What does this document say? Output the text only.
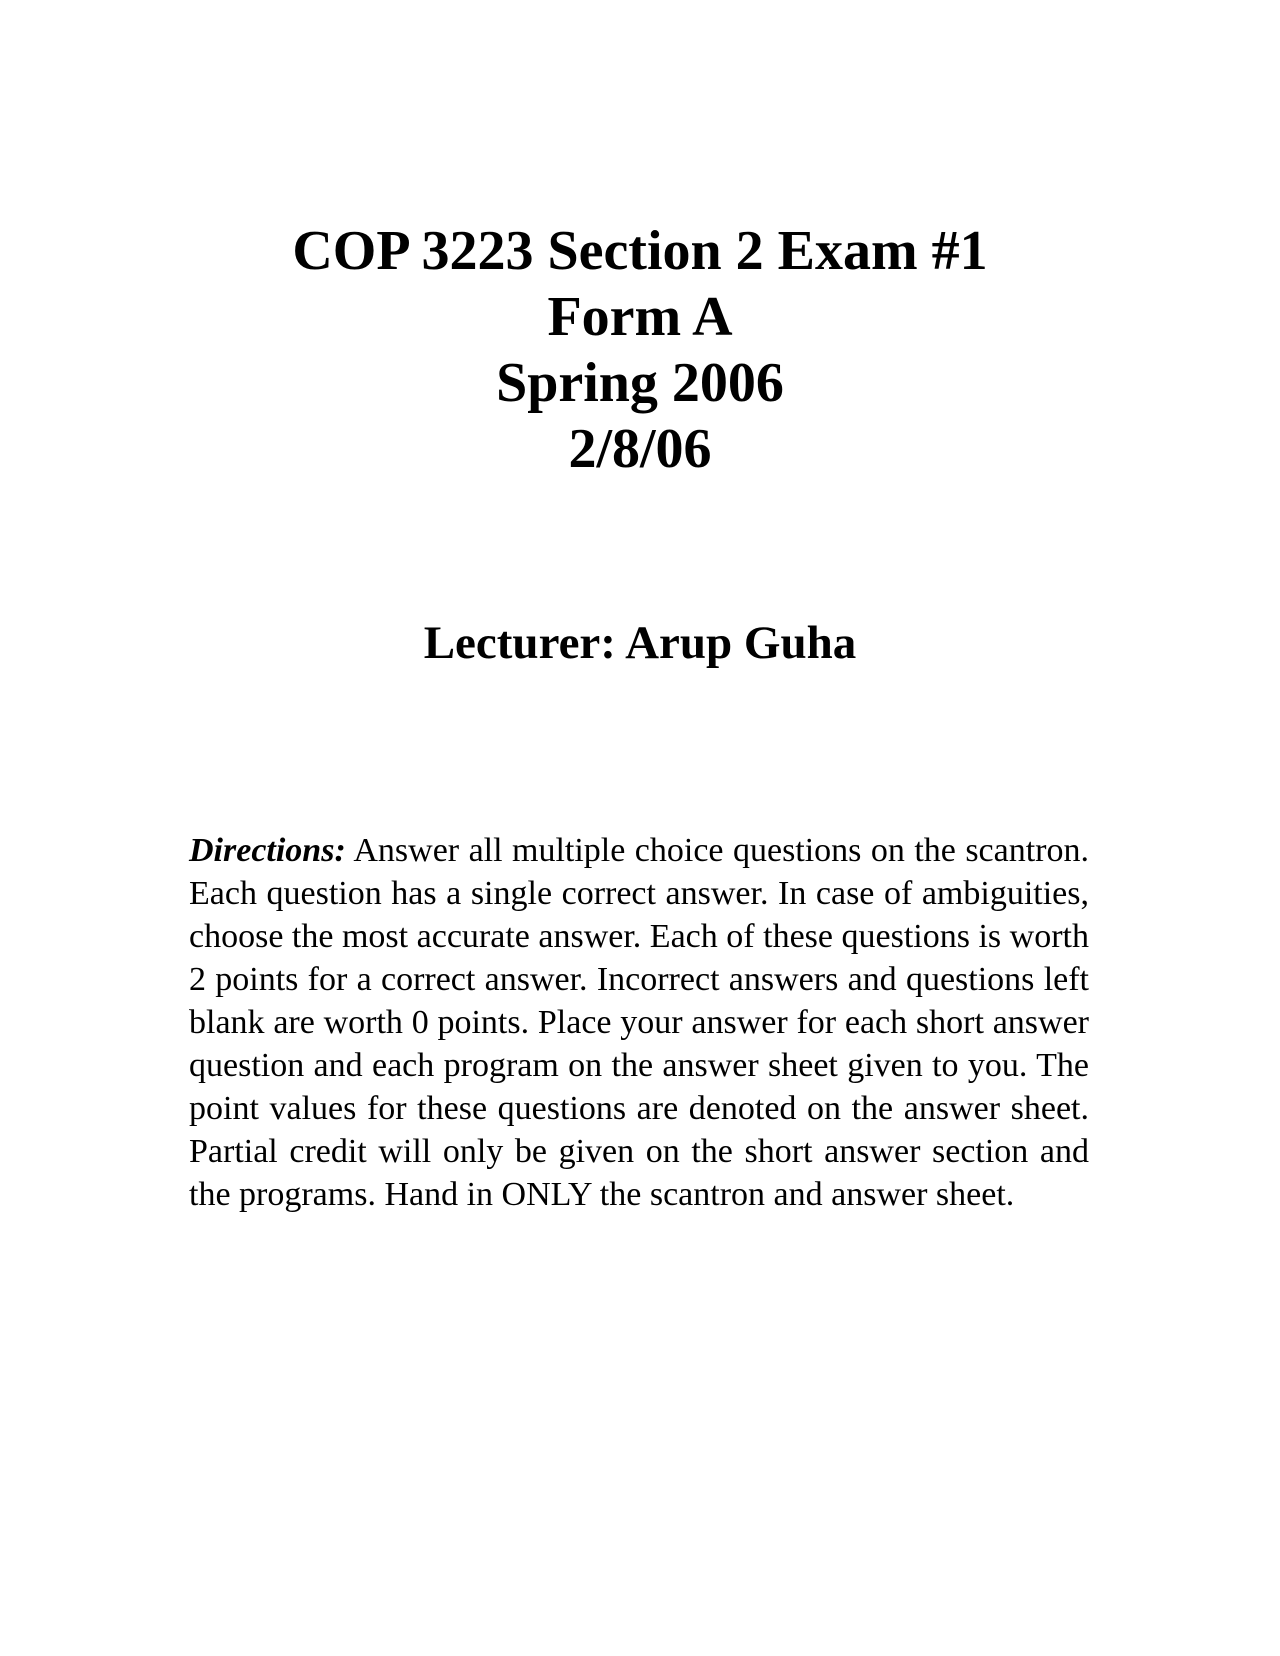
COP 3223 Section 2 Exam #1
Form A
Spring 2006
2/8/06
Lecturer: Arup Guha

Directions: Answer all multiple choice questions on the scantron. Each question has a single correct answer. In case of ambiguities, choose the most accurate answer. Each of these questions is worth 2 points for a correct answer. Incorrect answers and questions left blank are worth 0 points. Place your answer for each short answer question and each program on the answer sheet given to you. The point values for these questions are denoted on the answer sheet. Partial credit will only be given on the short answer section and the programs. Hand in ONLY the scantron and answer sheet.
